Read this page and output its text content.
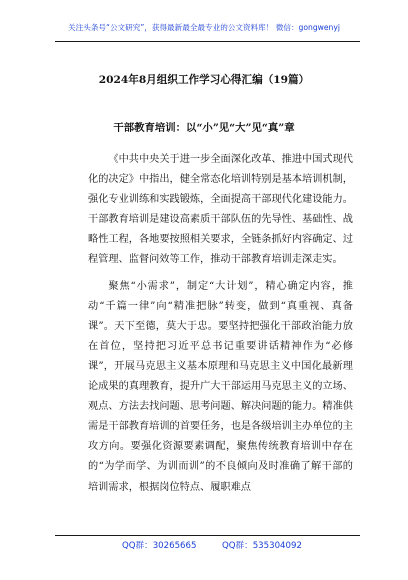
关注头条号“公文研究”，获得最新最全最专业的公文资料库！ 微信：gongwenyj
2024年8月组织工作学习心得汇编（19篇）
干部教育培训：以“小”见“大”见“真”章

《中共中央关于进一步全面深化改革、推进中国式现代化的决定》中指出，健全常态化培训特别是基本培训机制，强化专业训练和实践锻炼，全面提高干部现代化建设能力。干部教育培训是建设高素质干部队伍的先导性、基础性、战略性工程，各地要按照相关要求，全链条抓好内容确定、过程管理、监督问效等工作，推动干部教育培训走深走实。

聚焦“小需求”，制定“大计划”，精心确定内容，推动“千篇一律”向“精准把脉”转变，做到“真重视、真备课”。天下至德，莫大于忠。要坚持把强化干部政治能力放在首位，坚持把习近平总书记重要讲话精神作为“必修课”，开展马克思主义基本原理和马克思主义中国化最新理论成果的真理教育，提升广大干部运用马克思主义的立场、观点、方法去找问题、思考问题、解决问题的能力。精准供需是干部教育培训的首要任务，也是各级培训主办单位的主攻方向。要强化资源要素调配，聚焦传统教育培训中存在的“为学而学、为训而训”的不良倾向及时准确了解干部的培训需求，根据岗位特点、履职难点

QQ群：30265665	QQ群：535304092
